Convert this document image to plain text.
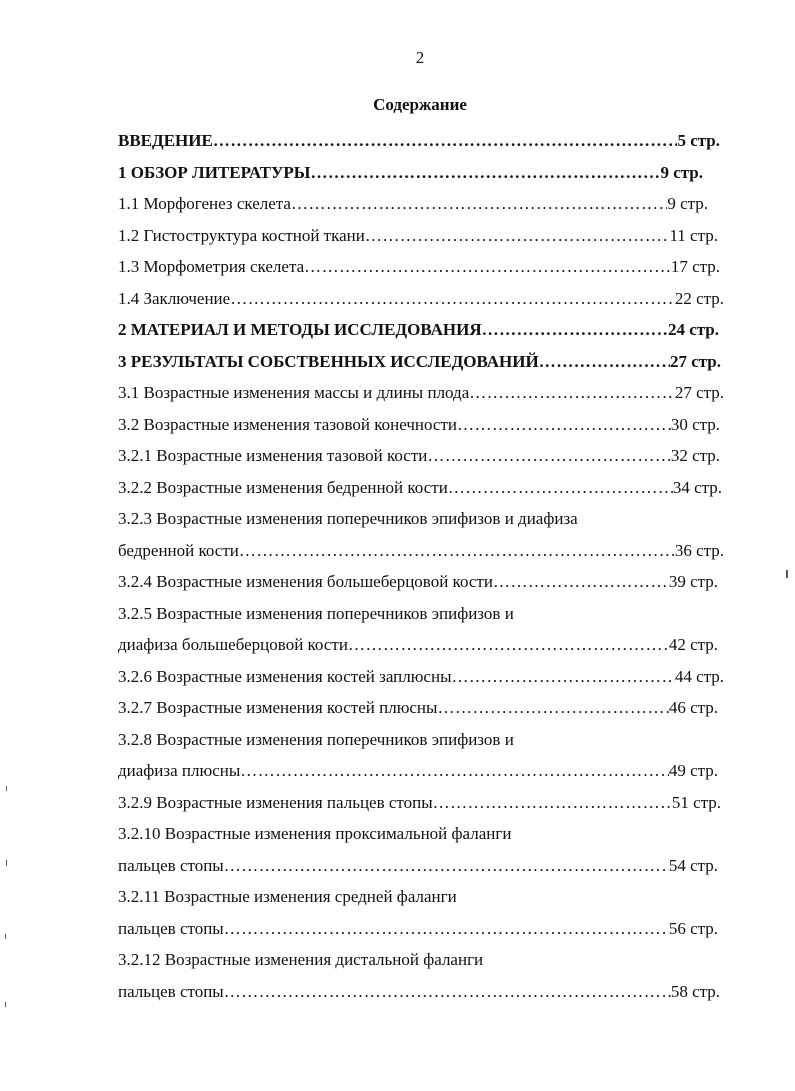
2
Содержание
ВВЕДЕНИЕ ……………………………………………………………………………………………………………………………………………	5 стр.
1 ОБЗОР ЛИТЕРАТУРЫ ……………………………………………………………………………………………………………………………………………	9 стр.
1.1 Морфогенез скелета ……………………………………………………………………………………………………………………………………………	9 стр.
1.2 Гистоструктура костной ткани ……………………………………………………………………………………………………………………………………………	11 стр.
1.3 Морфометрия скелета ……………………………………………………………………………………………………………………………………………	17 стр.
1.4 Заключение ……………………………………………………………………………………………………………………………………………	22 стр.
2 МАТЕРИАЛ И МЕТОДЫ ИССЛЕДОВАНИЯ ……………………………………………………………………………………………………………………………………………	24 стр.
3 РЕЗУЛЬТАТЫ СОБСТВЕННЫХ ИССЛЕДОВАНИЙ ……………………………………………………………………………………………………………………………………………	27 стр.
3.1 Возрастные изменения массы и длины плода ……………………………………………………………………………………………………………………………………………	27 стр.
3.2 Возрастные изменения тазовой конечности ……………………………………………………………………………………………………………………………………………	30 стр.
3.2.1 Возрастные изменения тазовой кости ……………………………………………………………………………………………………………………………………………	32 стр.
3.2.2 Возрастные изменения бедренной кости ……………………………………………………………………………………………………………………………………………	34 стр.
3.2.3 Возрастные изменения поперечников эпифизов и диафиза
бедренной кости ……………………………………………………………………………………………………………………………………………	36 стр.
3.2.4 Возрастные изменения большеберцовой кости ……………………………………………………………………………………………………………………………………………	39 стр.
3.2.5 Возрастные изменения поперечников эпифизов и
диафиза большеберцовой кости ……………………………………………………………………………………………………………………………………………	42 стр.
3.2.6 Возрастные изменения костей заплюсны ……………………………………………………………………………………………………………………………………………	44 стр.
3.2.7 Возрастные изменения костей плюсны ……………………………………………………………………………………………………………………………………………	46 стр.
3.2.8 Возрастные изменения поперечников эпифизов и
диафиза плюсны ……………………………………………………………………………………………………………………………………………	49 стр.
3.2.9 Возрастные изменения пальцев стопы ……………………………………………………………………………………………………………………………………………	51 стр.
3.2.10 Возрастные изменения проксимальной фаланги
пальцев стопы ……………………………………………………………………………………………………………………………………………	54 стр.
3.2.11 Возрастные изменения средней фаланги
пальцев стопы ……………………………………………………………………………………………………………………………………………	56 стр.
3.2.12 Возрастные изменения дистальной фаланги
пальцев стопы ……………………………………………………………………………………………………………………………………………	58 стр.
